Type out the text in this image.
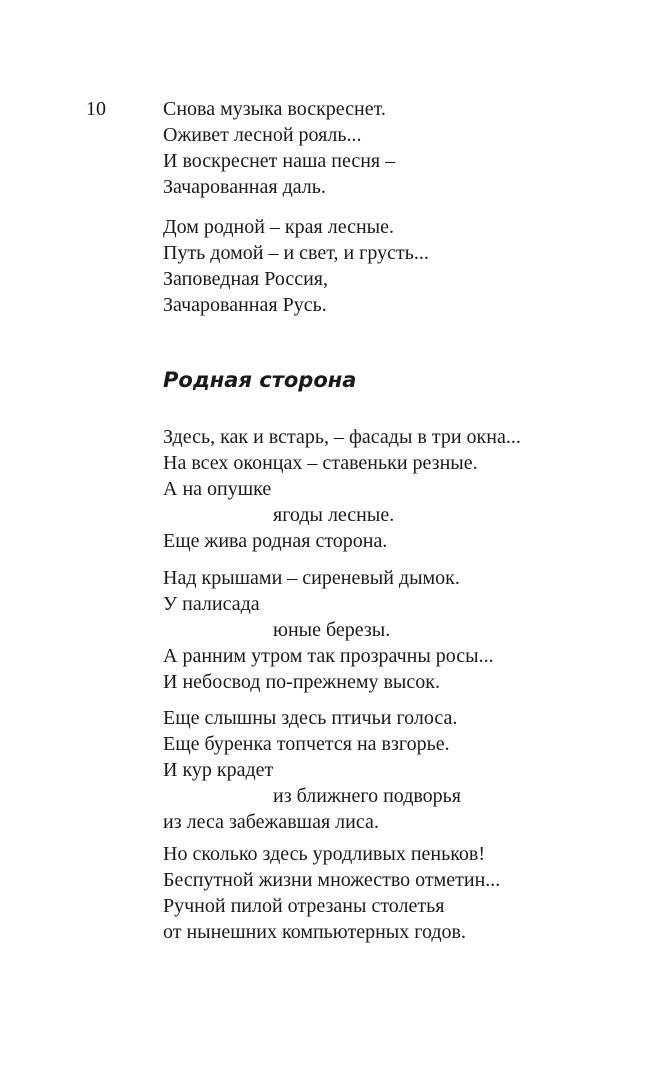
10	Снова музыка воскреснет.
Оживет лесной рояль...
И воскреснет наша песня –
Зачарованная даль.
Дом родной – края лесные.
Путь домой – и свет, и грусть...
Заповедная Россия,
Зачарованная Русь.
Родная сторона
Здесь, как и встарь, – фасады в три окна...
На всех оконцах – ставеньки резные.
А на опушке
ягоды лесные.
Еще жива родная сторона.
Над крышами – сиреневый дымок.
У палисада
юные березы.
А ранним утром так прозрачны росы...
И небосвод по-прежнему высок.
Еще слышны здесь птичьи голоса.
Еще буренка топчется на взгорье.
И кур крадет
из ближнего подворья
из леса забежавшая лиса.
Но сколько здесь уродливых пеньков!
Беспутной жизни множество отметин...
Ручной пилой отрезаны столетья
от нынешних компьютерных годов.
